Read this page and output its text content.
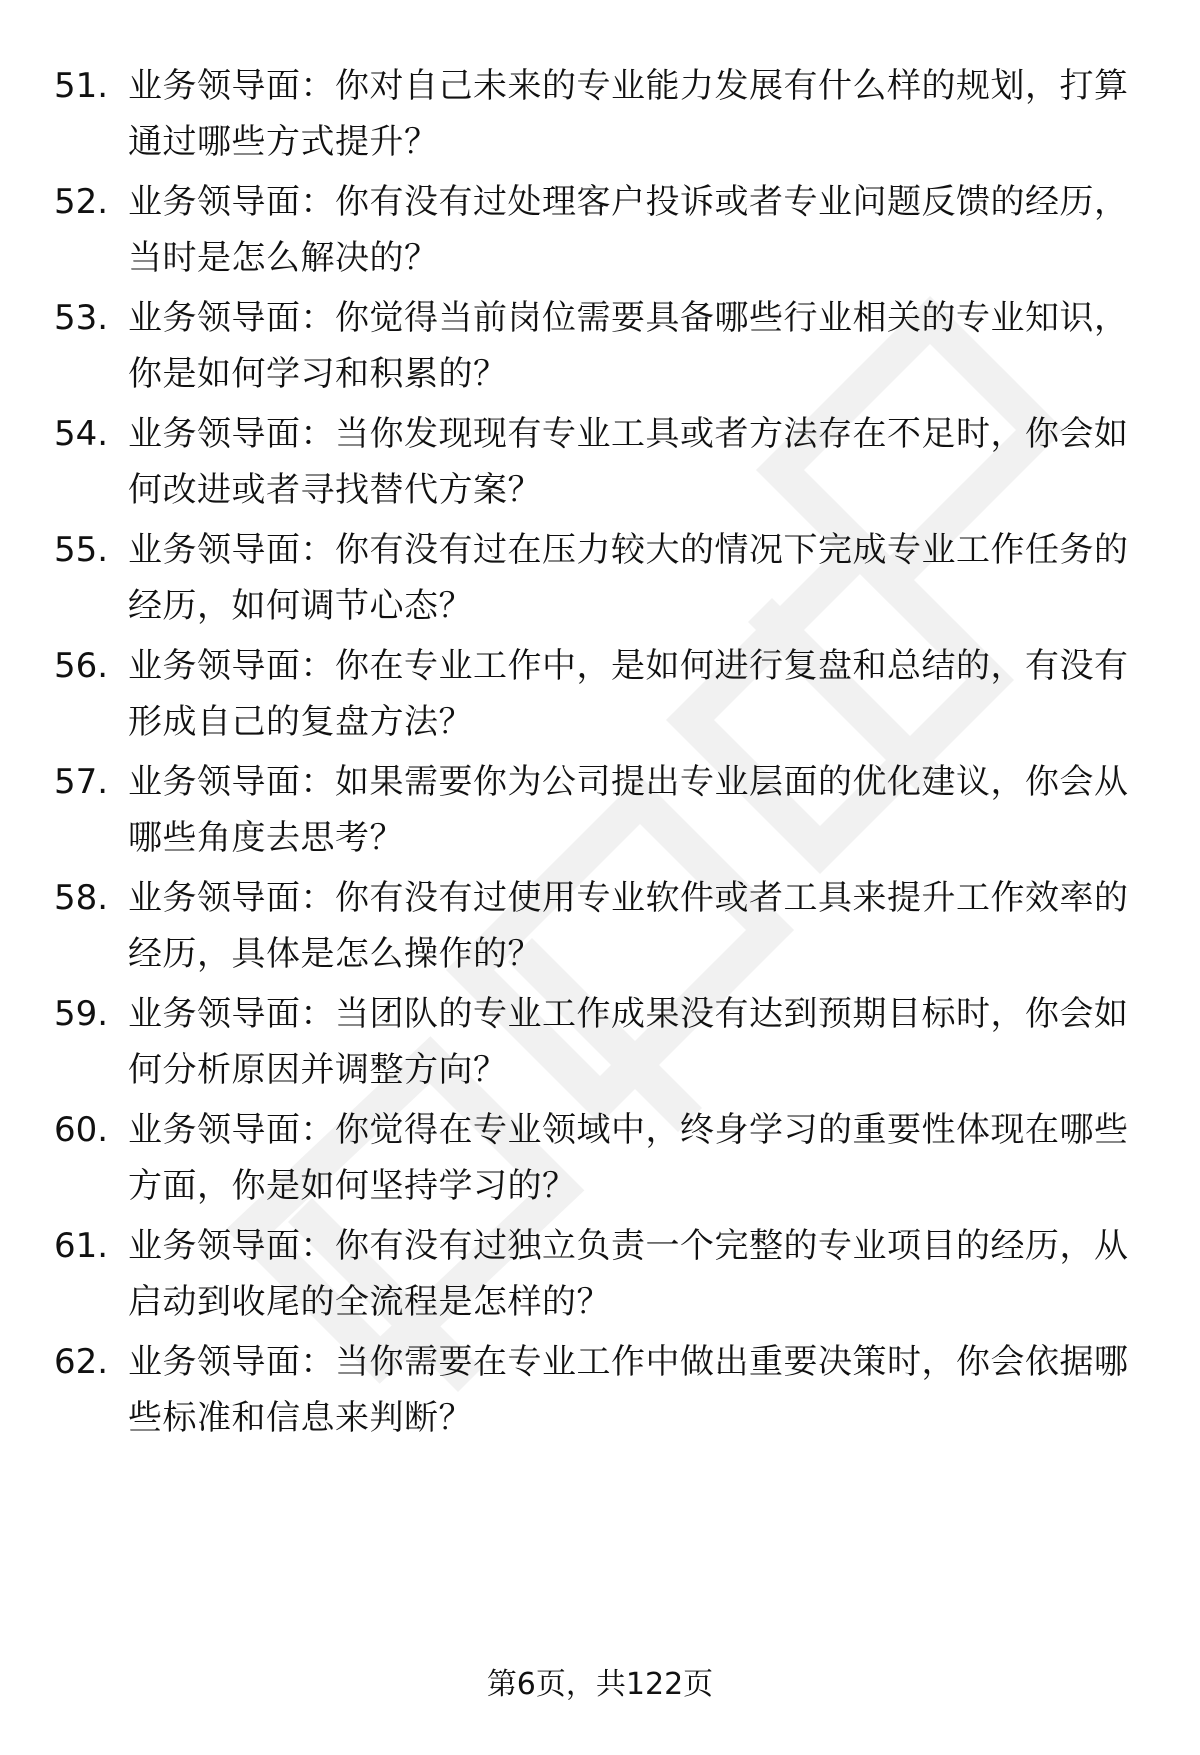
51. 业务领导面：你对自己未来的专业能力发展有什么样的规划，打算通过哪些方式提升？
52. 业务领导面：你有没有过处理客户投诉或者专业问题反馈的经历，当时是怎么解决的？
53. 业务领导面：你觉得当前岗位需要具备哪些行业相关的专业知识，你是如何学习和积累的？
54. 业务领导面：当你发现现有专业工具或者方法存在不足时，你会如何改进或者寻找替代方案？
55. 业务领导面：你有没有过在压力较大的情况下完成专业工作任务的经历，如何调节心态？
56. 业务领导面：你在专业工作中，是如何进行复盘和总结的，有没有形成自己的复盘方法？
57. 业务领导面：如果需要你为公司提出专业层面的优化建议，你会从哪些角度去思考？
58. 业务领导面：你有没有过使用专业软件或者工具来提升工作效率的经历，具体是怎么操作的？
59. 业务领导面：当团队的专业工作成果没有达到预期目标时，你会如何分析原因并调整方向？
60. 业务领导面：你觉得在专业领域中，终身学习的重要性体现在哪些方面，你是如何坚持学习的？
61. 业务领导面：你有没有过独立负责一个完整的专业项目的经历，从启动到收尾的全流程是怎样的？
62. 业务领导面：当你需要在专业工作中做出重要决策时，你会依据哪些标准和信息来判断？
第6页，共122页
